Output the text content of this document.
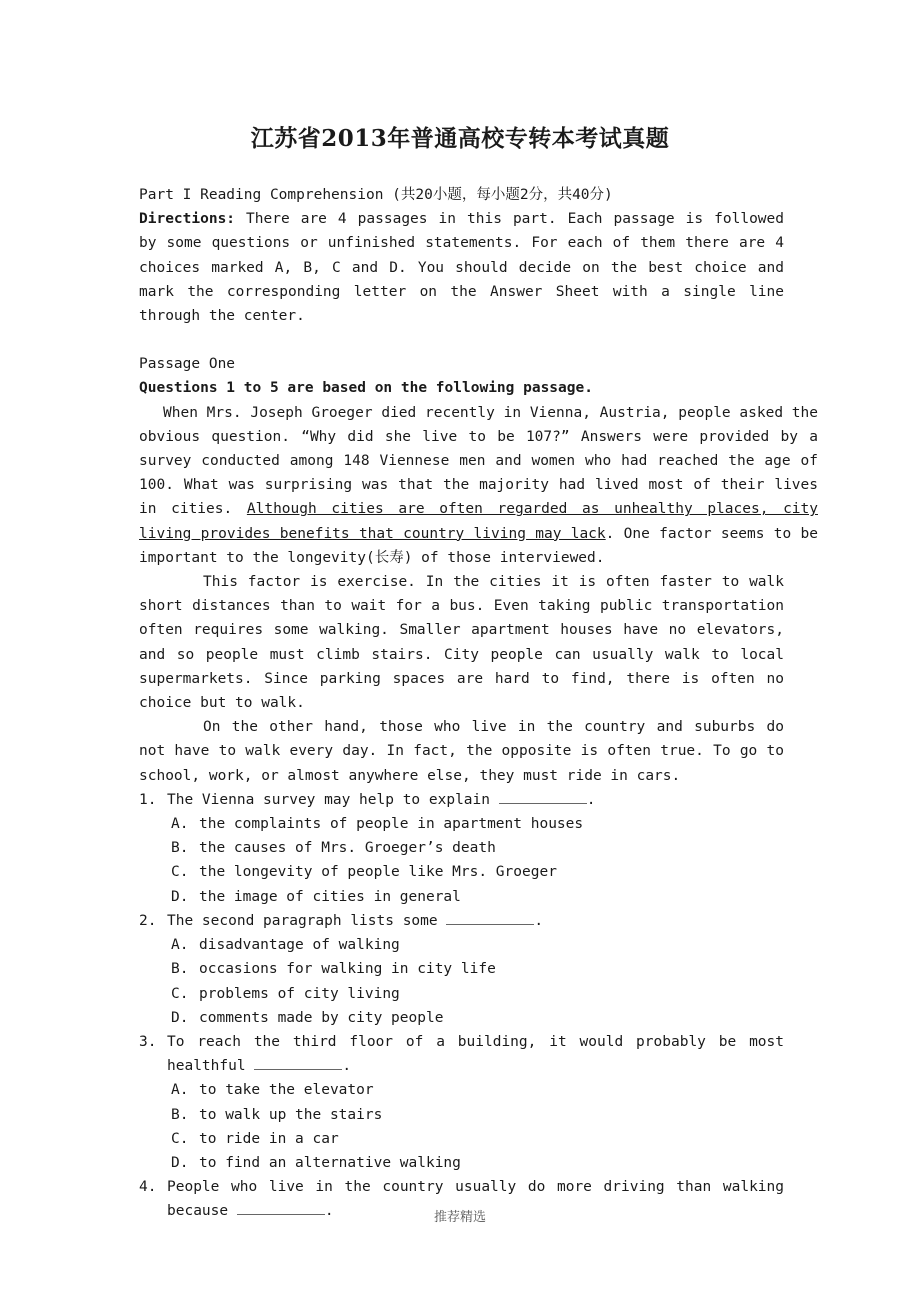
江苏省2013年普通高校专转本考试真题

Part I Reading Comprehension (共20小题，每小题2分，共40分)

Directions: There are 4 passages in this part. Each passage is followed by some questions or unfinished statements. For each of them there are 4 choices marked A, B, C and D. You should decide on the best choice and mark the corresponding letter on the Answer Sheet with a single line through the center.

Passage One

Questions 1 to 5 are based on the following passage.

When Mrs. Joseph Groeger died recently in Vienna, Austria, people asked the obvious question. “Why did she live to be 107?” Answers were provided by a survey conducted among 148 Viennese men and women who had reached the age of 100. What was surprising was that the majority had lived most of their lives in cities. Although cities are often regarded as unhealthy places, city living provides benefits that country living may lack. One factor seems to be important to the longevity(长寿) of those interviewed.

This factor is exercise. In the cities it is often faster to walk short distances than to wait for a bus. Even taking public transportation often requires some walking. Smaller apartment houses have no elevators, and so people must climb stairs. City people can usually walk to local supermarkets. Since parking spaces are hard to find, there is often no choice but to walk.

On the other hand, those who live in the country and suburbs do not have to walk every day. In fact, the opposite is often true. To go to school, work, or almost anywhere else, they must ride in cars.

1. The Vienna survey may help to explain	.
A. the complaints of people in apartment houses
B. the causes of Mrs. Groeger’s death
C. the longevity of people like Mrs. Groeger
D. the image of cities in general
2. The second paragraph lists some	.
A. disadvantage of walking
B. occasions for walking in city life
C. problems of city living
D. comments made by city people
3. To reach the third floor of a building, it would probably be most healthful	.
A. to take the elevator
B. to walk up the stairs
C. to ride in a car
D. to find an alternative walking
4. People who live in the country usually do more driving than walking because	.	推荐精选
